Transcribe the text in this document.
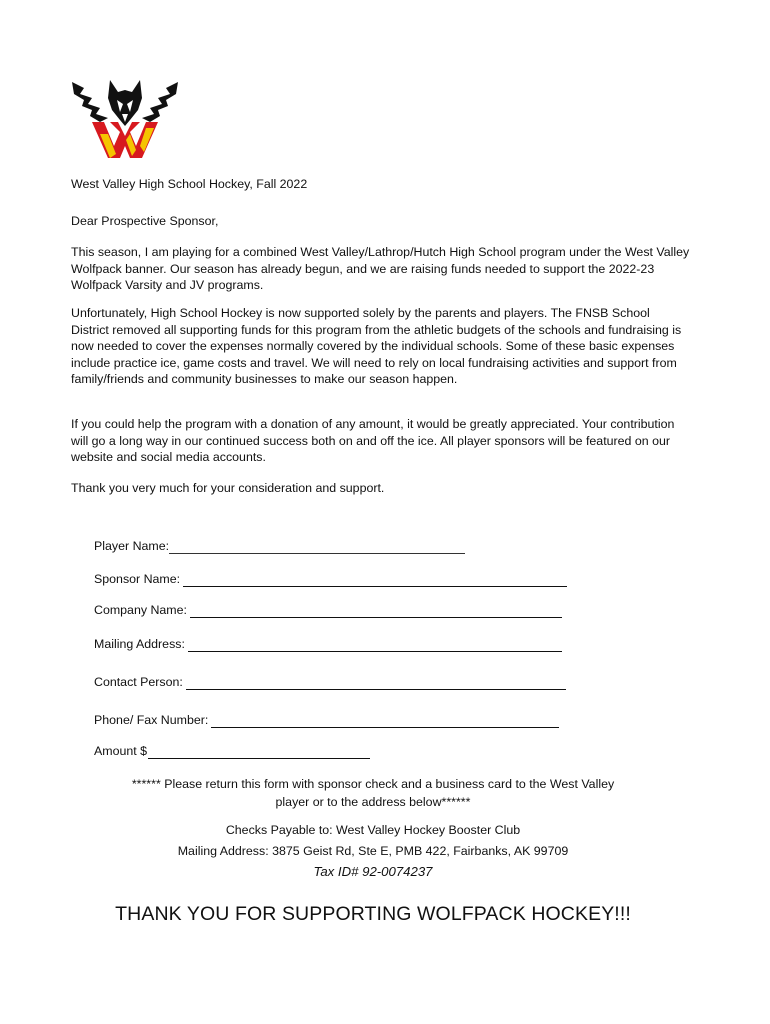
West Valley High School Hockey, Fall 2022
Dear Prospective Sponsor,
This season, I am playing for a combined West Valley/Lathrop/Hutch High School program under the West Valley Wolfpack banner. Our season has already begun, and we are raising funds needed to support the 2022-23 Wolfpack Varsity and JV programs.
Unfortunately, High School Hockey is now supported solely by the parents and players. The FNSB School District removed all supporting funds for this program from the athletic budgets of the schools and fundraising is now needed to cover the expenses normally covered by the individual schools. Some of these basic expenses include practice ice, game costs and travel. We will need to rely on local fundraising activities and support from family/friends and community businesses to make our season happen.
If you could help the program with a donation of any amount, it would be greatly appreciated. Your contribution will go a long way in our continued success both on and off the ice. All player sponsors will be featured on our website and social media accounts.
Thank you very much for your consideration and support.
Player Name:
Sponsor Name:
Company Name:
Mailing Address:
Contact Person:
Phone/ Fax Number:
Amount $
****** Please return this form with sponsor check and a business card to the West Valley
player or to the address below******
Checks Payable to: West Valley Hockey Booster Club
Mailing Address: 3875 Geist Rd, Ste E, PMB 422, Fairbanks, AK 99709
Tax ID# 92-0074237
THANK YOU FOR SUPPORTING WOLFPACK HOCKEY!!!
